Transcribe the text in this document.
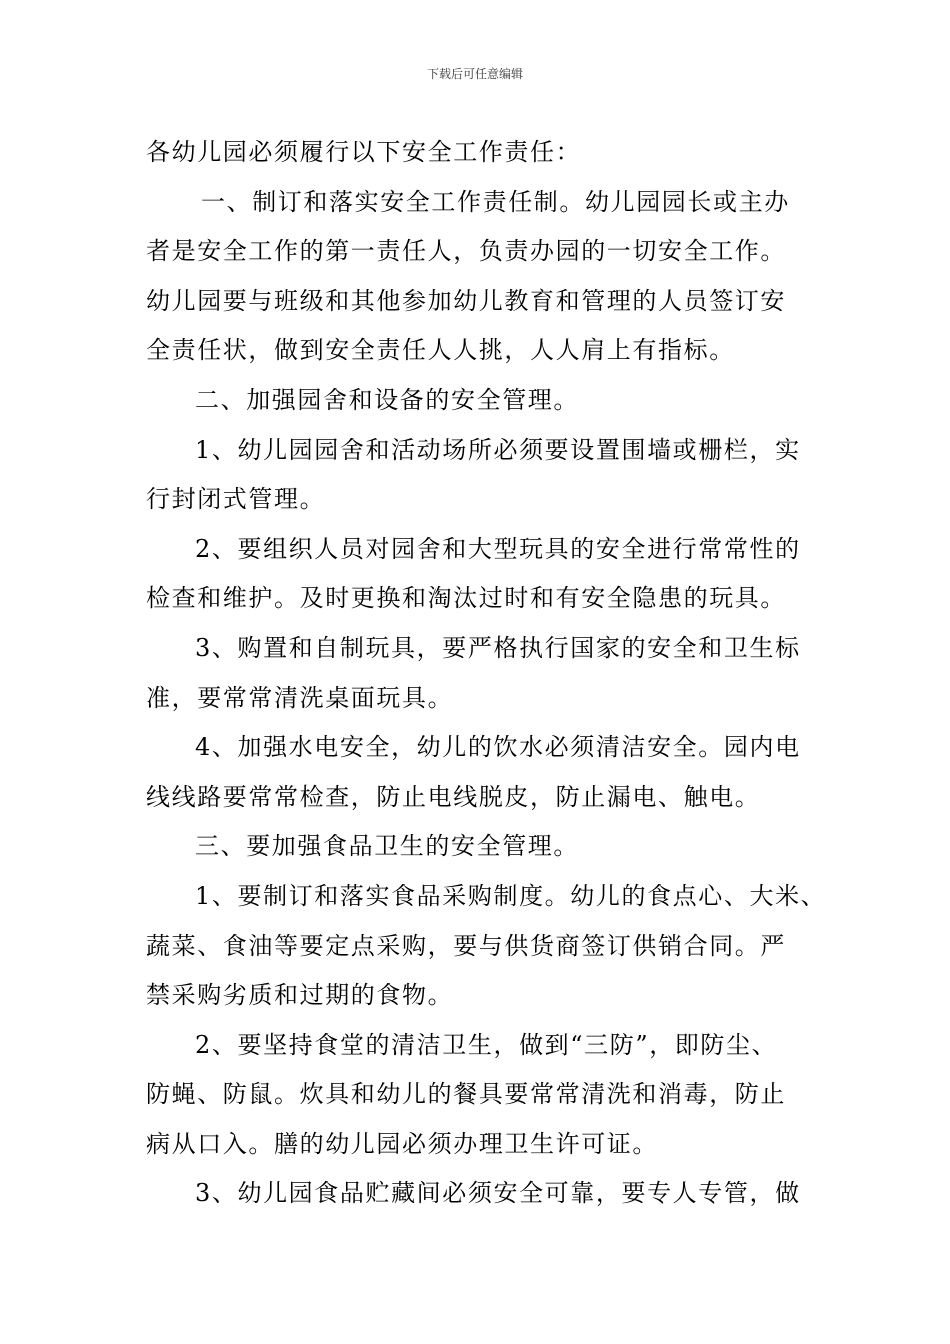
下载后可任意编辑

各幼儿园必须履行以下安全工作责任：

一、制订和落实安全工作责任制。幼儿园园长或主办

者是安全工作的第一责任人，负责办园的一切安全工作。

幼儿园要与班级和其他参加幼儿教育和管理的人员签订安

全责任状，做到安全责任人人挑，人人肩上有指标。

二、加强园舍和设备的安全管理。

1、幼儿园园舍和活动场所必须要设置围墙或栅栏，实

行封闭式管理。

2、要组织人员对园舍和大型玩具的安全进行常常性的

检查和维护。及时更换和淘汰过时和有安全隐患的玩具。

3、购置和自制玩具，要严格执行国家的安全和卫生标

准，要常常清洗桌面玩具。

4、加强水电安全，幼儿的饮水必须清洁安全。园内电

线线路要常常检查，防止电线脱皮，防止漏电、触电。

三、要加强食品卫生的安全管理。

1、要制订和落实食品采购制度。幼儿的食点心、大米、

蔬菜、食油等要定点采购，要与供货商签订供销合同。严

禁采购劣质和过期的食物。

2、要坚持食堂的清洁卫生，做到“三防”，即防尘、

防蝇、防鼠。炊具和幼儿的餐具要常常清洗和消毒，防止

病从口入。膳的幼儿园必须办理卫生许可证。

3、幼儿园食品贮藏间必须安全可靠，要专人专管，做
